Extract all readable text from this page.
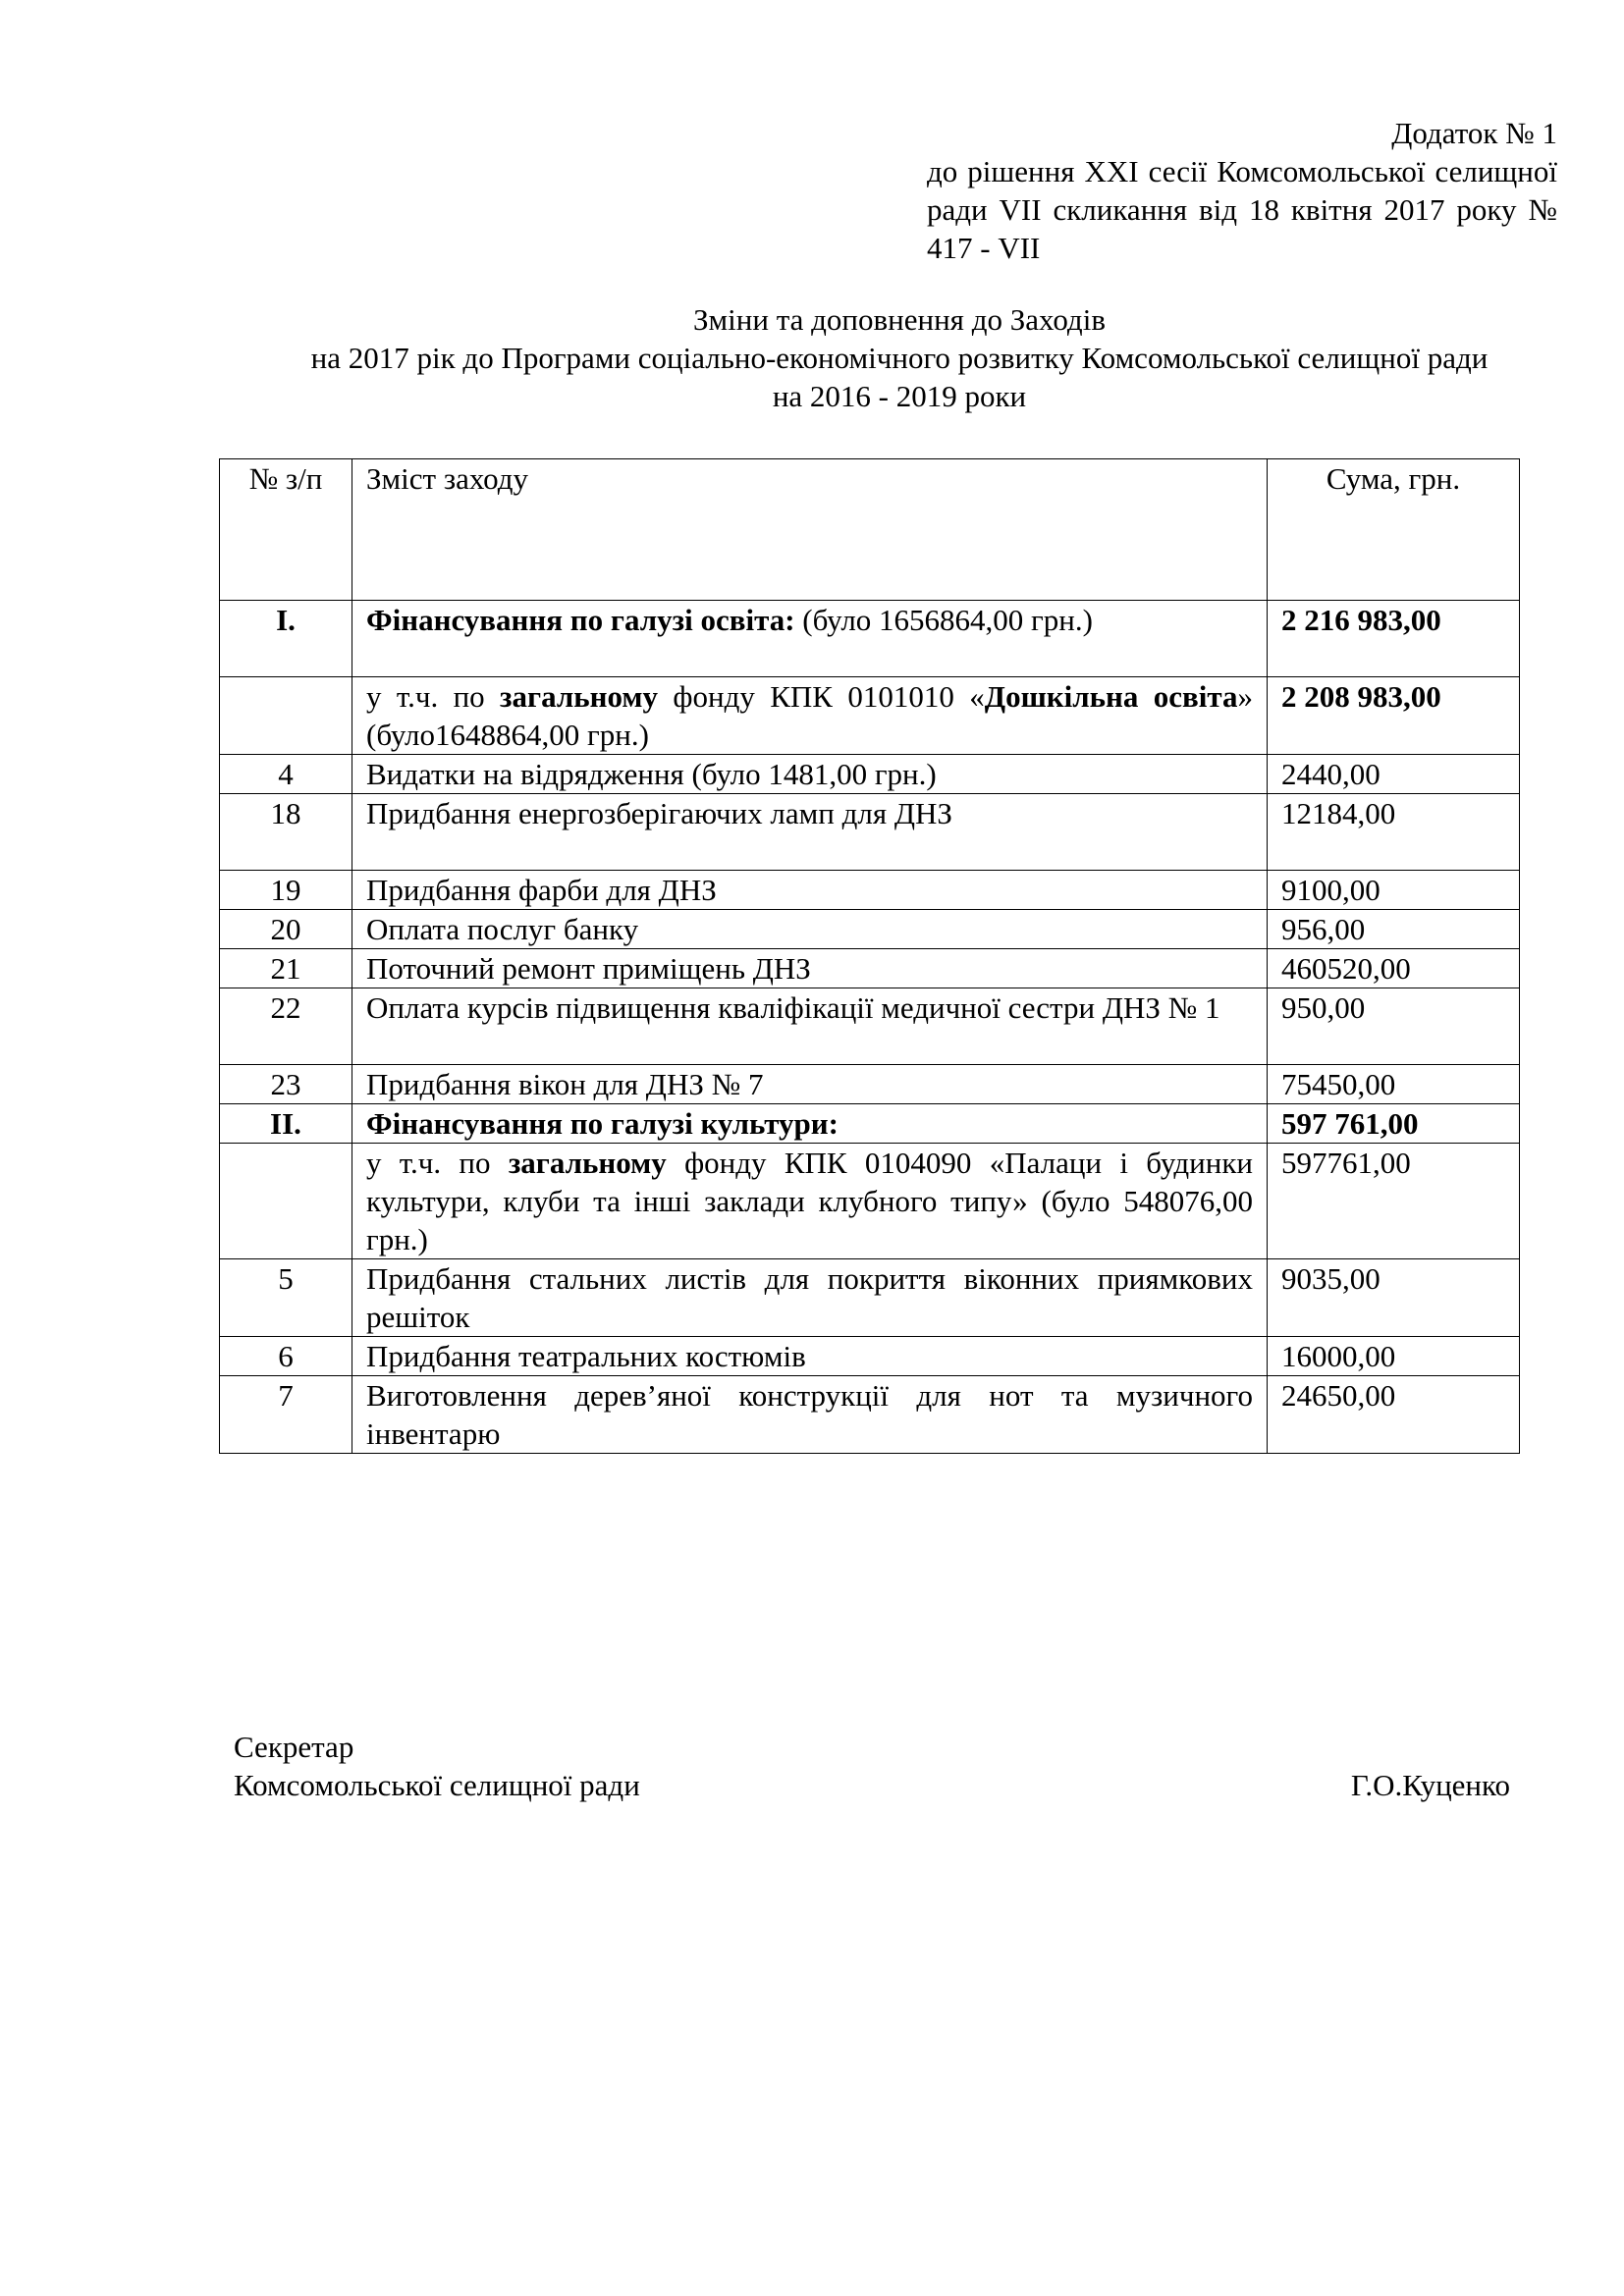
Додаток № 1
до рішення XXI сесії Комсомольської селищної ради VII скликання від 18 квітня 2017 року № 417 - VII
Зміни та доповнення до Заходів
на 2017 рік до Програми соціально-економічного розвитку Комсомольської селищної ради
на 2016 - 2019 роки
№ з/п	Зміст заходу	Сума, грн.
I.	Фінансування по галузі освіта: (було 1656864,00 грн.)	2 216 983,00
	у т.ч. по загальному фонду КПК 0101010 «Дошкільна освіта» (було1648864,00 грн.)	2 208 983,00
4	Видатки на відрядження (було 1481,00 грн.)	2440,00
18	Придбання енергозберігаючих ламп для ДНЗ	12184,00
19	Придбання фарби для ДНЗ	9100,00
20	Оплата послуг банку	956,00
21	Поточний ремонт приміщень ДНЗ	460520,00
22	Оплата курсів підвищення кваліфікації медичної сестри ДНЗ № 1	950,00
23	Придбання вікон для ДНЗ № 7	75450,00
II.	Фінансування по галузі культури:	597 761,00
	у т.ч. по загальному фонду КПК 0104090 «Палаци і будинки культури, клуби та інші заклади клубного типу» (було 548076,00 грн.)	597761,00
5	Придбання стальних листів для покриття віконних приямкових решіток	9035,00
6	Придбання театральних костюмів	16000,00
7	Виготовлення дерев’яної конструкції для нот та музичного інвентарю	24650,00
Секретар
Комсомольської селищної ради	Г.О.Куценко
